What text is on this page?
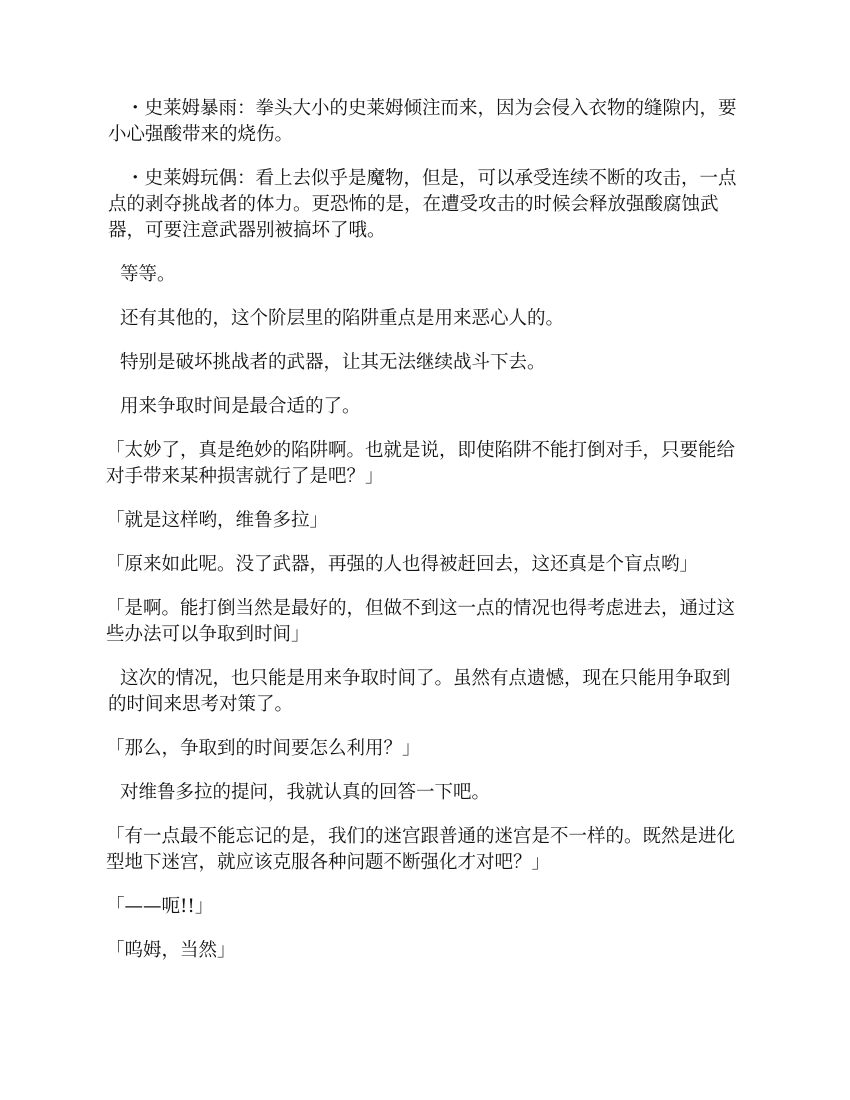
・史莱姆暴雨：拳头大小的史莱姆倾注而来，因为会侵入衣物的缝隙内，要小心强酸带来的烧伤。

・史莱姆玩偶：看上去似乎是魔物，但是，可以承受连续不断的攻击，一点点的剥夺挑战者的体力。更恐怖的是，在遭受攻击的时候会释放强酸腐蚀武器，可要注意武器别被搞坏了哦。

等等。

还有其他的，这个阶层里的陷阱重点是用来恶心人的。

特别是破坏挑战者的武器，让其无法继续战斗下去。

用来争取时间是最合适的了。

「太妙了，真是绝妙的陷阱啊。也就是说，即使陷阱不能打倒对手，只要能给对手带来某种损害就行了是吧？」

「就是这样哟，维鲁多拉」

「原来如此呢。没了武器，再强的人也得被赶回去，这还真是个盲点哟」

「是啊。能打倒当然是最好的，但做不到这一点的情况也得考虑进去，通过这些办法可以争取到时间」

这次的情况，也只能是用来争取时间了。虽然有点遗憾，现在只能用争取到的时间来思考对策了。

「那么，争取到的时间要怎么利用？」

对维鲁多拉的提问，我就认真的回答一下吧。

「有一点最不能忘记的是，我们的迷宫跟普通的迷宫是不一样的。既然是进化型地下迷宫，就应该克服各种问题不断强化才对吧？」

「——呃!!」

「呜姆，当然」
